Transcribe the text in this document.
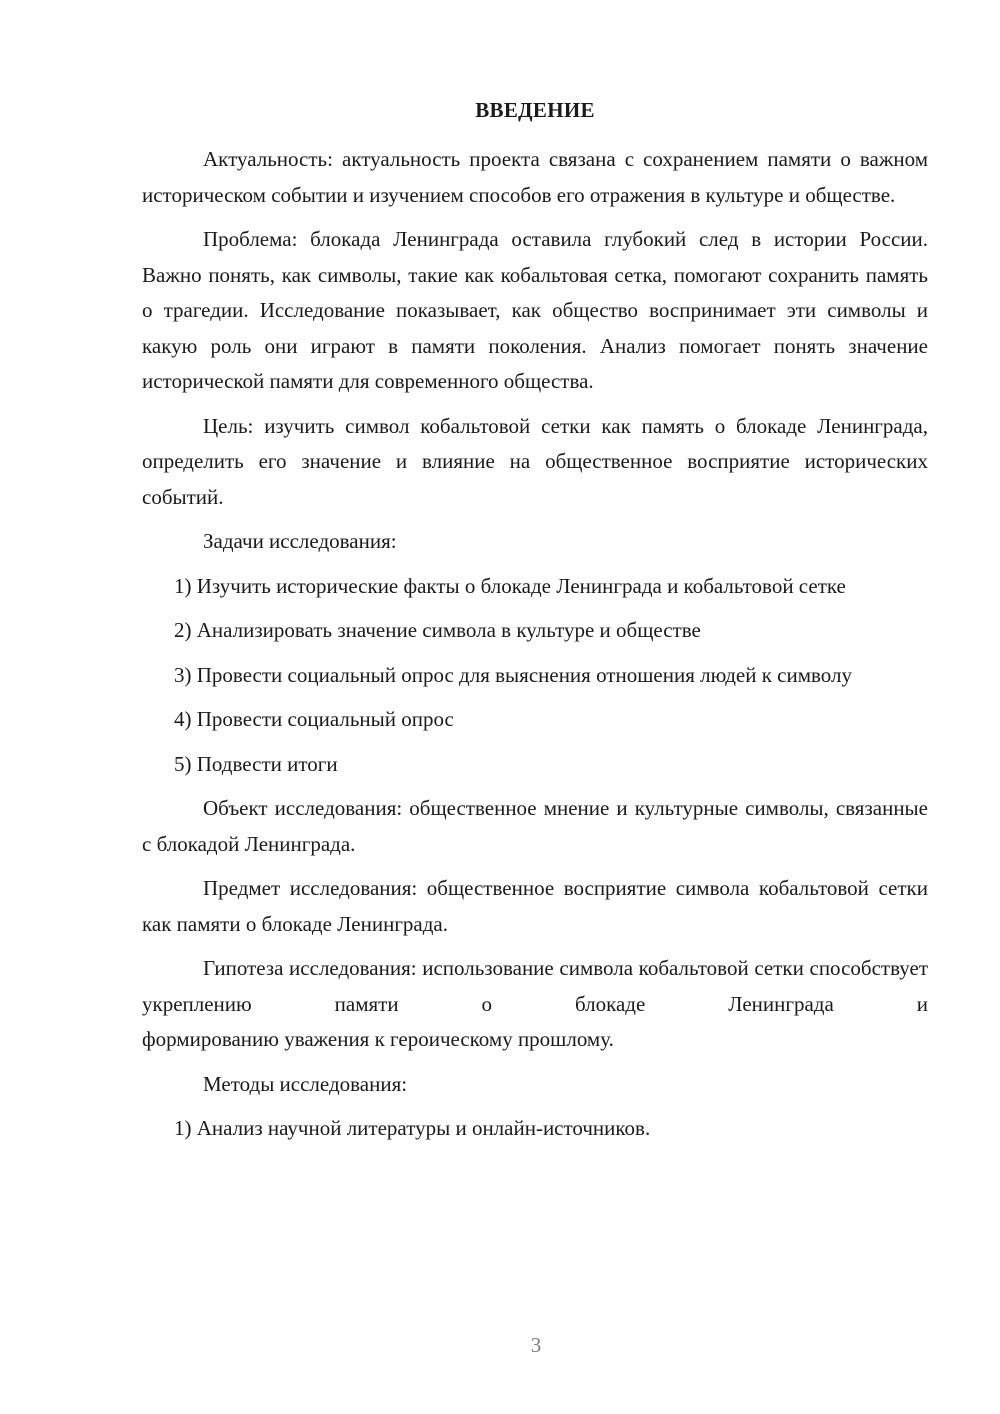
ВВЕДЕНИЕ

Актуальность: актуальность проекта связана с сохранением памяти о важном историческом событии и изучением способов его отражения в культуре и обществе.

Проблема: блокада Ленинграда оставила глубокий след в истории России. Важно понять, как символы, такие как кобальтовая сетка, помогают сохранить память о трагедии. Исследование показывает, как общество воспринимает эти символы и какую роль они играют в памяти поколения. Анализ помогает понять значение исторической памяти для современного общества.

Цель: изучить символ кобальтовой сетки как память о блокаде Ленинграда, определить его значение и влияние на общественное восприятие исторических событий.

Задачи исследования:

1) Изучить исторические факты о блокаде Ленинграда и кобальтовой сетке

2) Анализировать значение символа в культуре и обществе

3) Провести социальный опрос для выяснения отношения людей к символу

4) Провести социальный опрос

5) Подвести итоги

Объект исследования: общественное мнение и культурные символы, связанные с блокадой Ленинграда.

Предмет исследования: общественное восприятие символа кобальтовой сетки как памяти о блокаде Ленинграда.

Гипотеза исследования: использование символа кобальтовой сетки способствует укреплению памяти о блокаде Ленинграда и

формированию уважения к героическому прошлому.

Методы исследования:

1) Анализ научной литературы и онлайн-источников.

3
